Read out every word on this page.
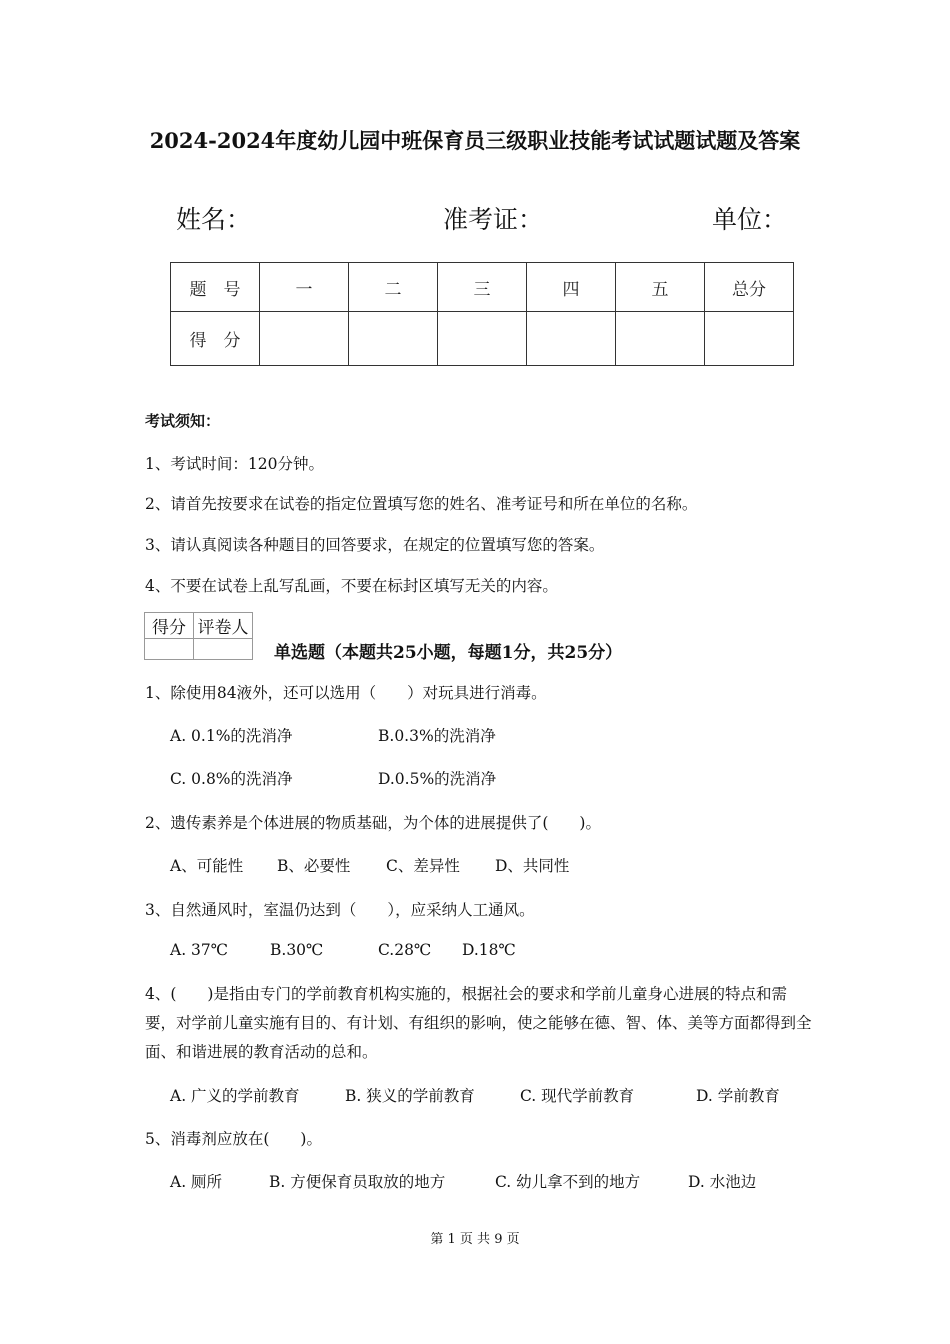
2024-2024年度幼儿园中班保育员三级职业技能考试试题试题及答案
姓名：	准考证：	单位：
题　号	一	二	三	四	五	总分
得　分						
考试须知：
1、考试时间：120分钟。
2、请首先按要求在试卷的指定位置填写您的姓名、准考证号和所在单位的名称。
3、请认真阅读各种题目的回答要求，在规定的位置填写您的答案。
4、不要在试卷上乱写乱画，不要在标封区填写无关的内容。
得分	评卷人

单选题（本题共25小题，每题1分，共25分）
1、除使用84液外，还可以选用（　　）对玩具进行消毒。
A. 0.1%的洗消净	B.0.3%的洗消净
C. 0.8%的洗消净	D.0.5%的洗消净
2、遗传素养是个体进展的物质基础，为个体的进展提供了(　　)。
A、可能性 B、必要性 C、差异性 D、共同性
3、自然通风时，室温仍达到（　　），应采纳人工通风。
A. 37℃	B.30℃	C.28℃ D.18℃
4、(　　)是指由专门的学前教育机构实施的，根据社会的要求和学前儿童身心进展的特点和需要，对学前儿童实施有目的、有计划、有组织的影响，使之能够在德、智、体、美等方面都得到全面、和谐进展的教育活动的总和。
A. 广义的学前教育	B. 狭义的学前教育	C. 现代学前教育	D. 学前教育
5、消毒剂应放在(　　)。
A. 厕所	B. 方便保育员取放的地方	C. 幼儿拿不到的地方	D. 水池边
第 1 页 共 9 页
